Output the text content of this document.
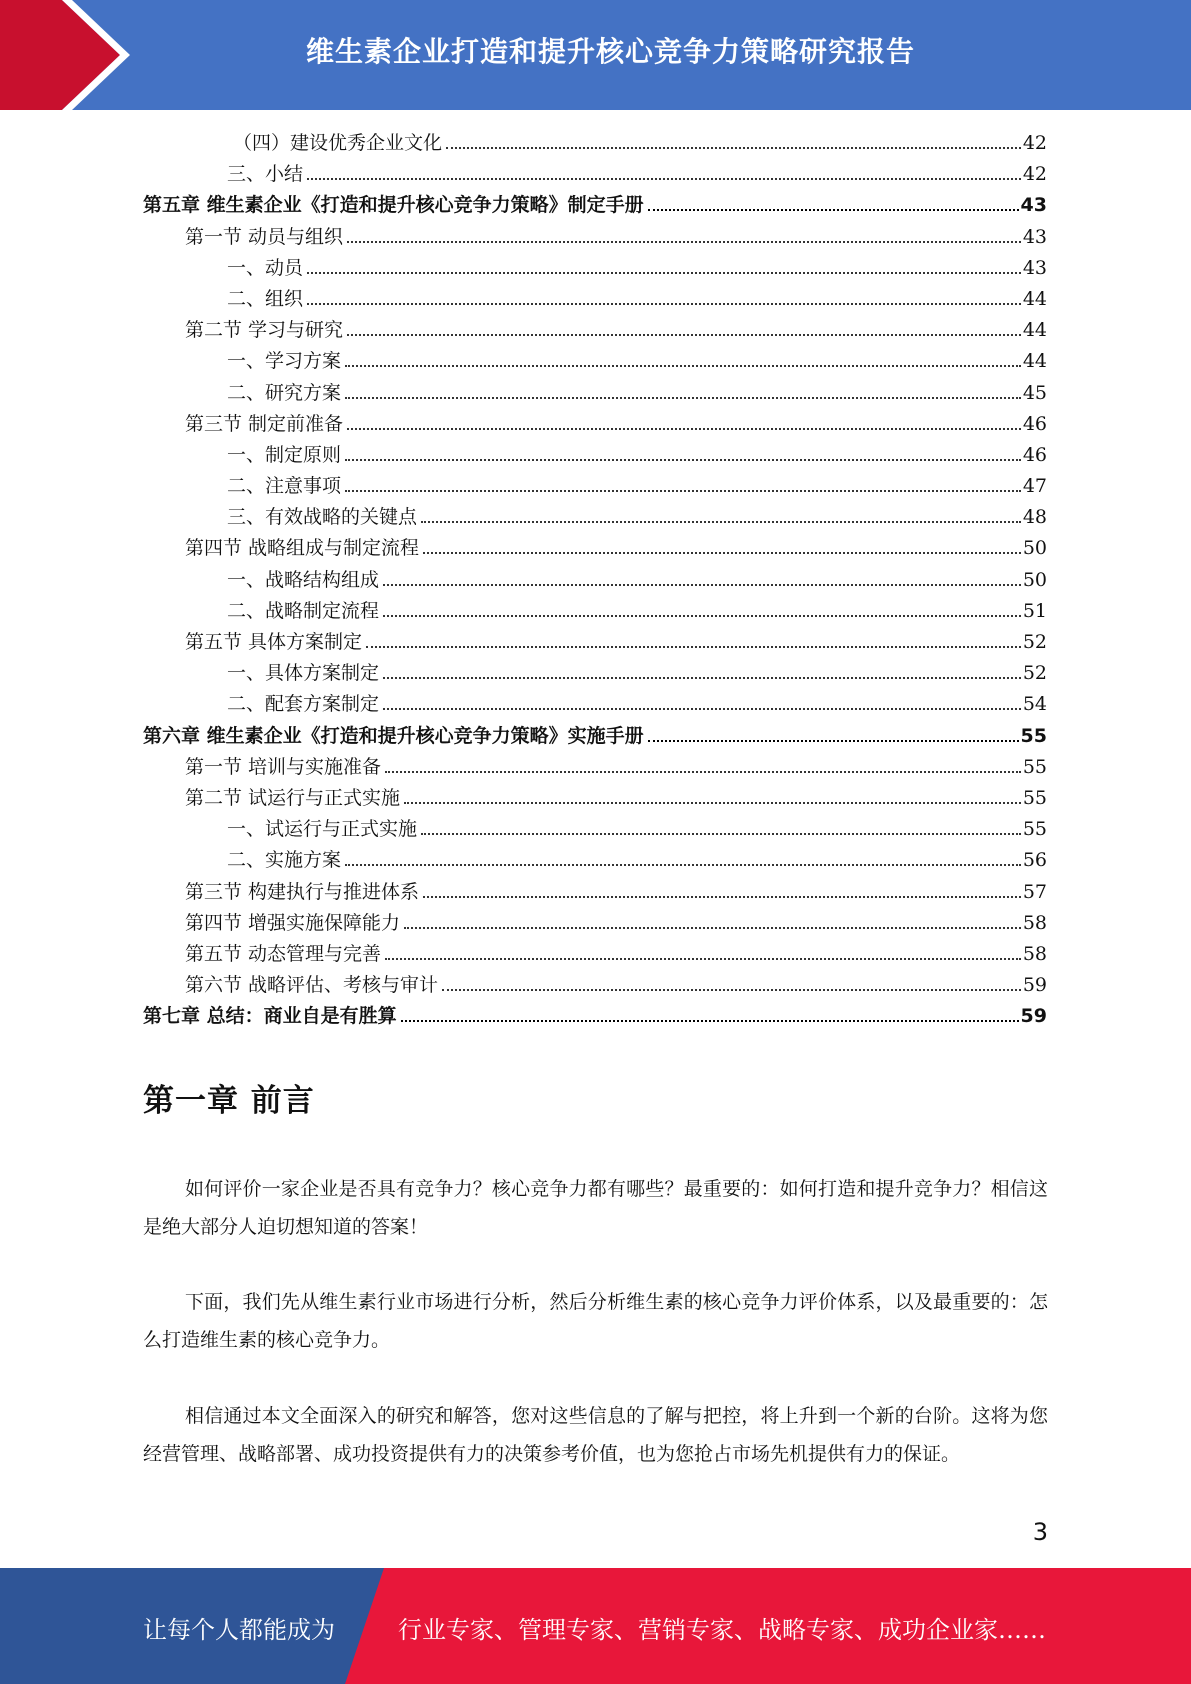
维生素企业打造和提升核心竞争力策略研究报告
（四）建设优秀企业文化	42
三、小结	42
第五章 维生素企业《打造和提升核心竞争力策略》制定手册	43
第一节 动员与组织	43
一、动员	43
二、组织	44
第二节 学习与研究	44
一、学习方案	44
二、研究方案	45
第三节 制定前准备	46
一、制定原则	46
二、注意事项	47
三、有效战略的关键点	48
第四节 战略组成与制定流程	50
一、战略结构组成	50
二、战略制定流程	51
第五节 具体方案制定	52
一、具体方案制定	52
二、配套方案制定	54
第六章 维生素企业《打造和提升核心竞争力策略》实施手册	55
第一节 培训与实施准备	55
第二节 试运行与正式实施	55
一、试运行与正式实施	55
二、实施方案	56
第三节 构建执行与推进体系	57
第四节 增强实施保障能力	58
第五节 动态管理与完善	58
第六节 战略评估、考核与审计	59
第七章 总结：商业自是有胜算	59
第一章 前言
如何评价一家企业是否具有竞争力？核心竞争力都有哪些？最重要的：如何打造和提升竞争力？相信这是绝大部分人迫切想知道的答案！
下面，我们先从维生素行业市场进行分析，然后分析维生素的核心竞争力评价体系，以及最重要的：怎么打造维生素的核心竞争力。
相信通过本文全面深入的研究和解答，您对这些信息的了解与把控，将上升到一个新的台阶。这将为您经营管理、战略部署、成功投资提供有力的决策参考价值，也为您抢占市场先机提供有力的保证。
3
让每个人都能成为	行业专家、管理专家、营销专家、战略专家、成功企业家……
